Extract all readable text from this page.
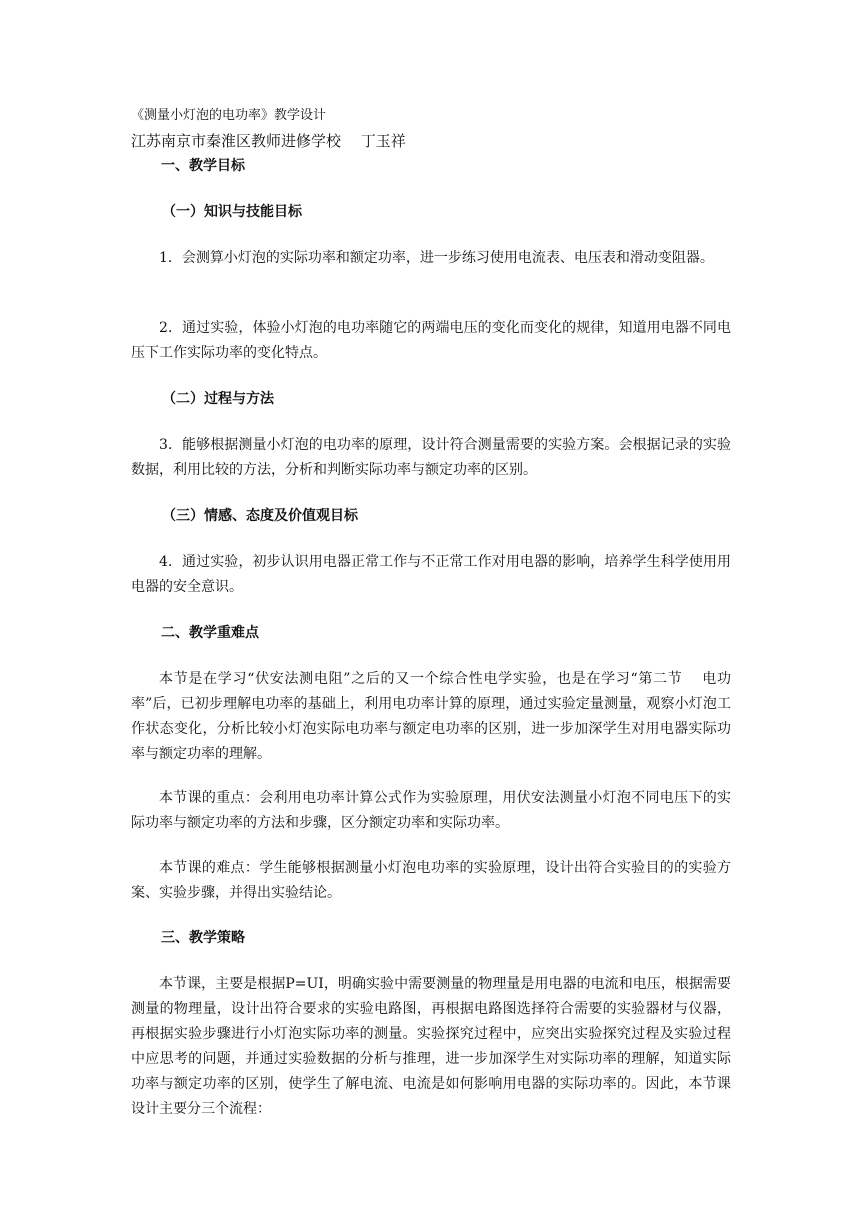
《测量小灯泡的电功率》教学设计
江苏南京市秦淮区教师进修学校　 丁玉祥
一、教学目标
（一）知识与技能目标
1．会测算小灯泡的实际功率和额定功率，进一步练习使用电流表、电压表和滑动变阻器。
2．通过实验，体验小灯泡的电功率随它的两端电压的变化而变化的规律，知道用电器不同电压下工作实际功率的变化特点。
（二）过程与方法
3．能够根据测量小灯泡的电功率的原理，设计符合测量需要的实验方案。会根据记录的实验数据，利用比较的方法，分析和判断实际功率与额定功率的区别。
（三）情感、态度及价值观目标
4．通过实验，初步认识用电器正常工作与不正常工作对用电器的影响，培养学生科学使用用电器的安全意识。
二、教学重难点
本节是在学习“伏安法测电阻”之后的又一个综合性电学实验，也是在学习“第二节　 电功率”后，已初步理解电功率的基础上，利用电功率计算的原理，通过实验定量测量，观察小灯泡工作状态变化，分析比较小灯泡实际电功率与额定电功率的区别，进一步加深学生对用电器实际功率与额定功率的理解。
本节课的重点：会利用电功率计算公式作为实验原理，用伏安法测量小灯泡不同电压下的实际功率与额定功率的方法和步骤，区分额定功率和实际功率。
本节课的难点：学生能够根据测量小灯泡电功率的实验原理，设计出符合实验目的的实验方案、实验步骤，并得出实验结论。
三、教学策略
本节课，主要是根据P=UI，明确实验中需要测量的物理量是用电器的电流和电压，根据需要测量的物理量，设计出符合要求的实验电路图，再根据电路图选择符合需要的实验器材与仪器，再根据实验步骤进行小灯泡实际功率的测量。实验探究过程中，应突出实验探究过程及实验过程中应思考的问题，并通过实验数据的分析与推理，进一步加深学生对实际功率的理解，知道实际功率与额定功率的区别，使学生了解电流、电流是如何影响用电器的实际功率的。因此，本节课设计主要分三个流程：
